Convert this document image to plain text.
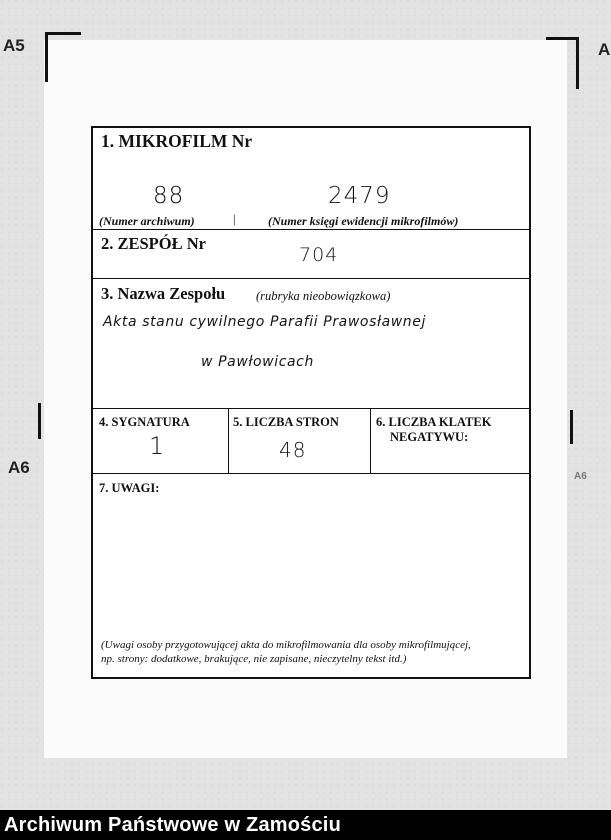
A5	A
A6	A6
1. MIKROFILM Nr
88	2479
(Numer archiwum)	|	(Numer księgi ewidencji mikrofilmów)
2. ZESPÓŁ Nr
704
3. Nazwa Zespołu (rubryka nieobowiązkowa)
Akta stanu cywilnego Parafii Prawosławnej
w Pawłowicach
4. SYGNATURA
1
5. LICZBA STRON
48
6. LICZBA KLATEK
NEGATYWU:
7. UWAGI:
(Uwagi osoby przygotowującej akta do mikrofilmowania dla osoby mikrofilmującej,
np. strony: dodatkowe, brakujące, nie zapisane, nieczytelny tekst itd.)
Archiwum Państwowe w Zamościu
